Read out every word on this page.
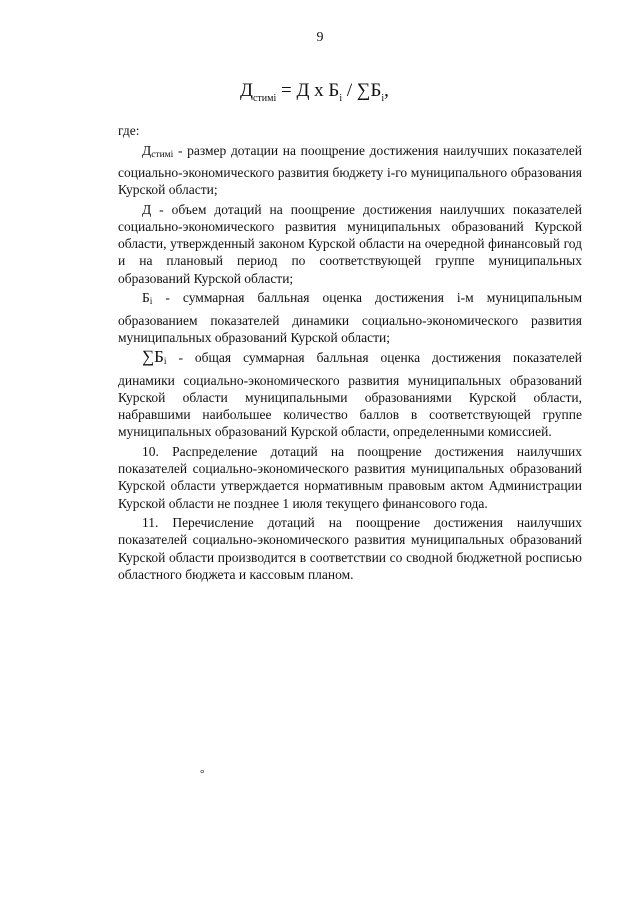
9
$Д_{стимi} = Д$ х $Б_i / \sum Б_i$,

где:

$Д_{стимi}$ - размер дотации на поощрение достижения наилучших показателей социально-экономического развития бюджету i-го муниципального образования Курской области;

Д - объем дотаций на поощрение достижения наилучших показателей социально-экономического развития муниципальных образований Курской области, утвержденный законом Курской области на очередной финансовый год и на плановый период по соответствующей группе муниципальных образований Курской области;

$Б_i$ - суммарная балльная оценка достижения i-м муниципальным образованием показателей динамики социально-экономического развития муниципальных образований Курской области;

$\sum Б_i$ - общая суммарная балльная оценка достижения показателей динамики социально-экономического развития муниципальных образований Курской области муниципальными образованиями Курской области, набравшими наибольшее количество баллов в соответствующей группе муниципальных образований Курской области, определенными комиссией.

10. Распределение дотаций на поощрение достижения наилучших показателей социально-экономического развития муниципальных образований Курской области утверждается нормативным правовым актом Администрации Курской области не позднее 1 июля текущего финансового года.

11. Перечисление дотаций на поощрение достижения наилучших показателей социально-экономического развития муниципальных образований Курской области производится в соответствии со сводной бюджетной росписью областного бюджета и кассовым планом.

°
